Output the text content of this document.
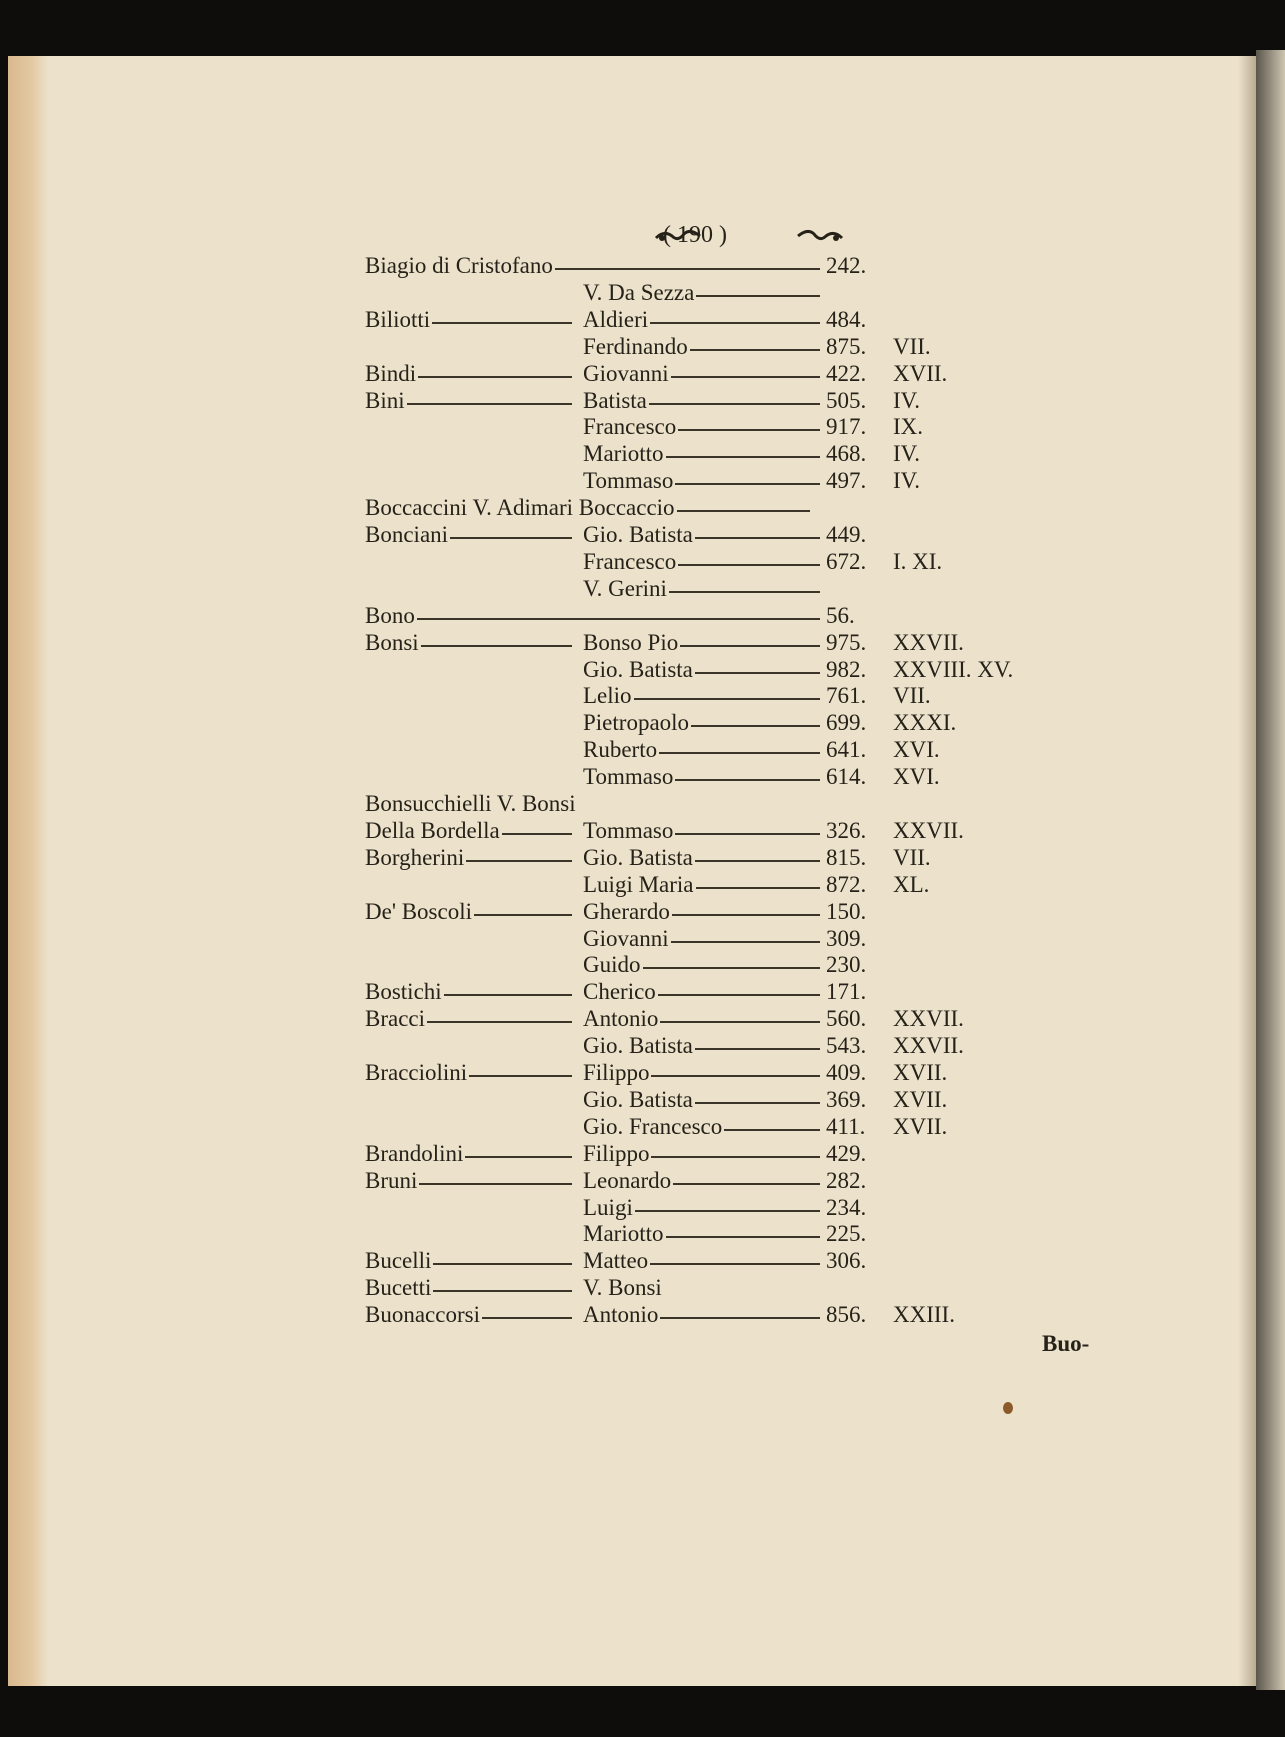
( 190 )
Biagio di Cristofano	242.
V. Da Sezza
Biliotti	Aldieri	484.
Ferdinando	875.	VII.
Bindi	Giovanni	422.	XVII.
Bini	Batista	505.	IV.
Francesco	917.	IX.
Mariotto	468.	IV.
Tommaso	497.	IV.
Boccaccini V. Adimari Boccaccio
Bonciani	Gio. Batista	449.
Francesco	672.	I. XI.
V. Gerini
Bono	56.
Bonsi	Bonso Pio	975.	XXVII.
Gio. Batista	982.	XXVIII. XV.
Lelio	761.	VII.
Pietropaolo	699.	XXXI.
Ruberto	641.	XVI.
Tommaso	614.	XVI.
Bonsucchielli V. Bonsi
Della Bordella	Tommaso	326.	XXVII.
Borgherini	Gio. Batista	815.	VII.
Luigi Maria	872.	XL.
De' Boscoli	Gherardo	150.
Giovanni	309.
Guido	230.
Bostichi	Cherico	171.
Bracci	Antonio	560.	XXVII.
Gio. Batista	543.	XXVII.
Bracciolini	Filippo	409.	XVII.
Gio. Batista	369.	XVII.
Gio. Francesco	411.	XVII.
Brandolini	Filippo	429.
Bruni	Leonardo	282.
Luigi	234.
Mariotto	225.
Bucelli	Matteo	306.
Bucetti	V. Bonsi
Buonaccorsi	Antonio	856.	XXIII.
Buo-
